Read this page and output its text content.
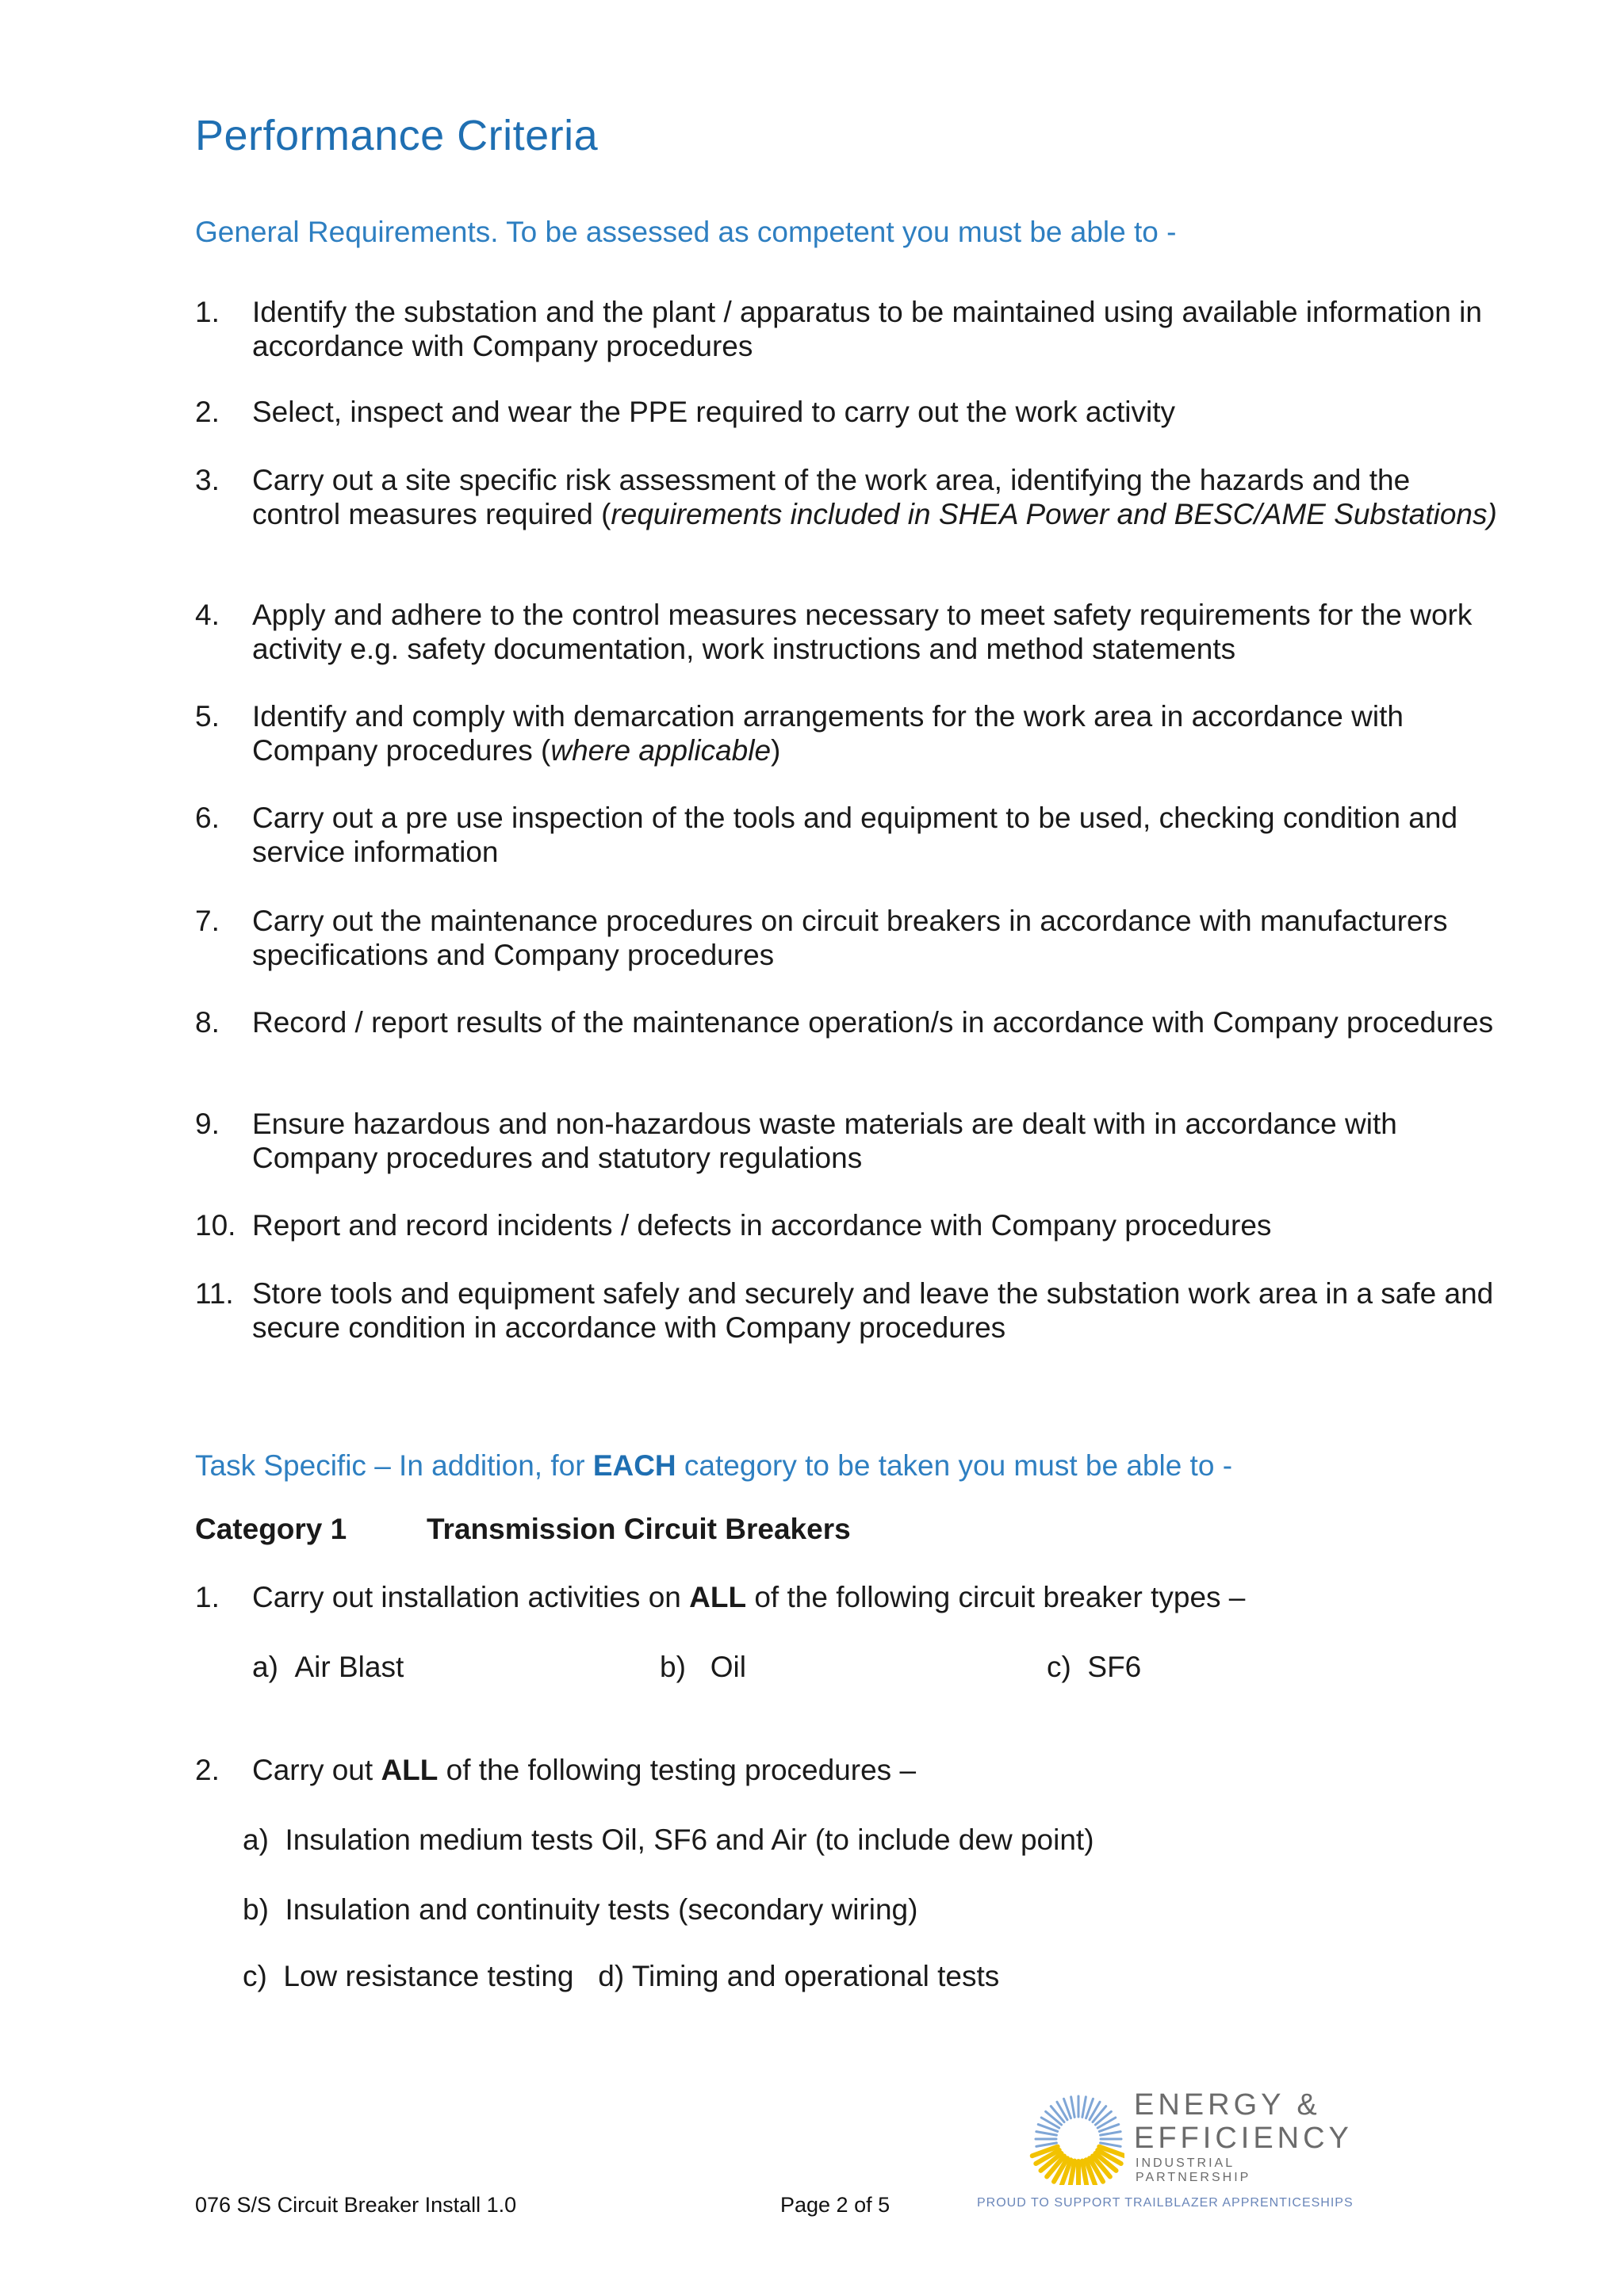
Performance Criteria
General Requirements. To be assessed as competent you must be able to -
1. Identify the substation and the plant / apparatus to be maintained using available information in accordance with Company procedures
2. Select, inspect and wear the PPE required to carry out the work activity
3. Carry out a site specific risk assessment of the work area, identifying the hazards and the control measures required (requirements included in SHEA Power and BESC/AME Substations)
4. Apply and adhere to the control measures necessary to meet safety requirements for the work activity e.g. safety documentation, work instructions and method statements
5. Identify and comply with demarcation arrangements for the work area in accordance with Company procedures (where applicable)
6. Carry out a pre use inspection of the tools and equipment to be used, checking condition and service information
7. Carry out the maintenance procedures on circuit breakers in accordance with manufacturers specifications and Company procedures
8. Record / report results of the maintenance operation/s in accordance with Company procedures
9. Ensure hazardous and non-hazardous waste materials are dealt with in accordance with Company procedures and statutory regulations
10. Report and record incidents / defects in accordance with Company procedures
11. Store tools and equipment safely and securely and leave the substation work area in a safe and secure condition in accordance with Company procedures
Task Specific – In addition, for EACH category to be taken you must be able to -
Category 1	Transmission Circuit Breakers
1. Carry out installation activities on ALL of the following circuit breaker types –
a) Air Blast	b) Oil	c) SF6
2. Carry out ALL of the following testing procedures –
a) Insulation medium tests Oil, SF6 and Air (to include dew point)
b) Insulation and continuity tests (secondary wiring)
c) Low resistance testing   d) Timing and operational tests
ENERGY &
EFFICIENCY
INDUSTRIAL PARTNERSHIP
PROUD TO SUPPORT TRAILBLAZER APPRENTICESHIPS
076 S/S Circuit Breaker Install 1.0	Page 2 of 5
